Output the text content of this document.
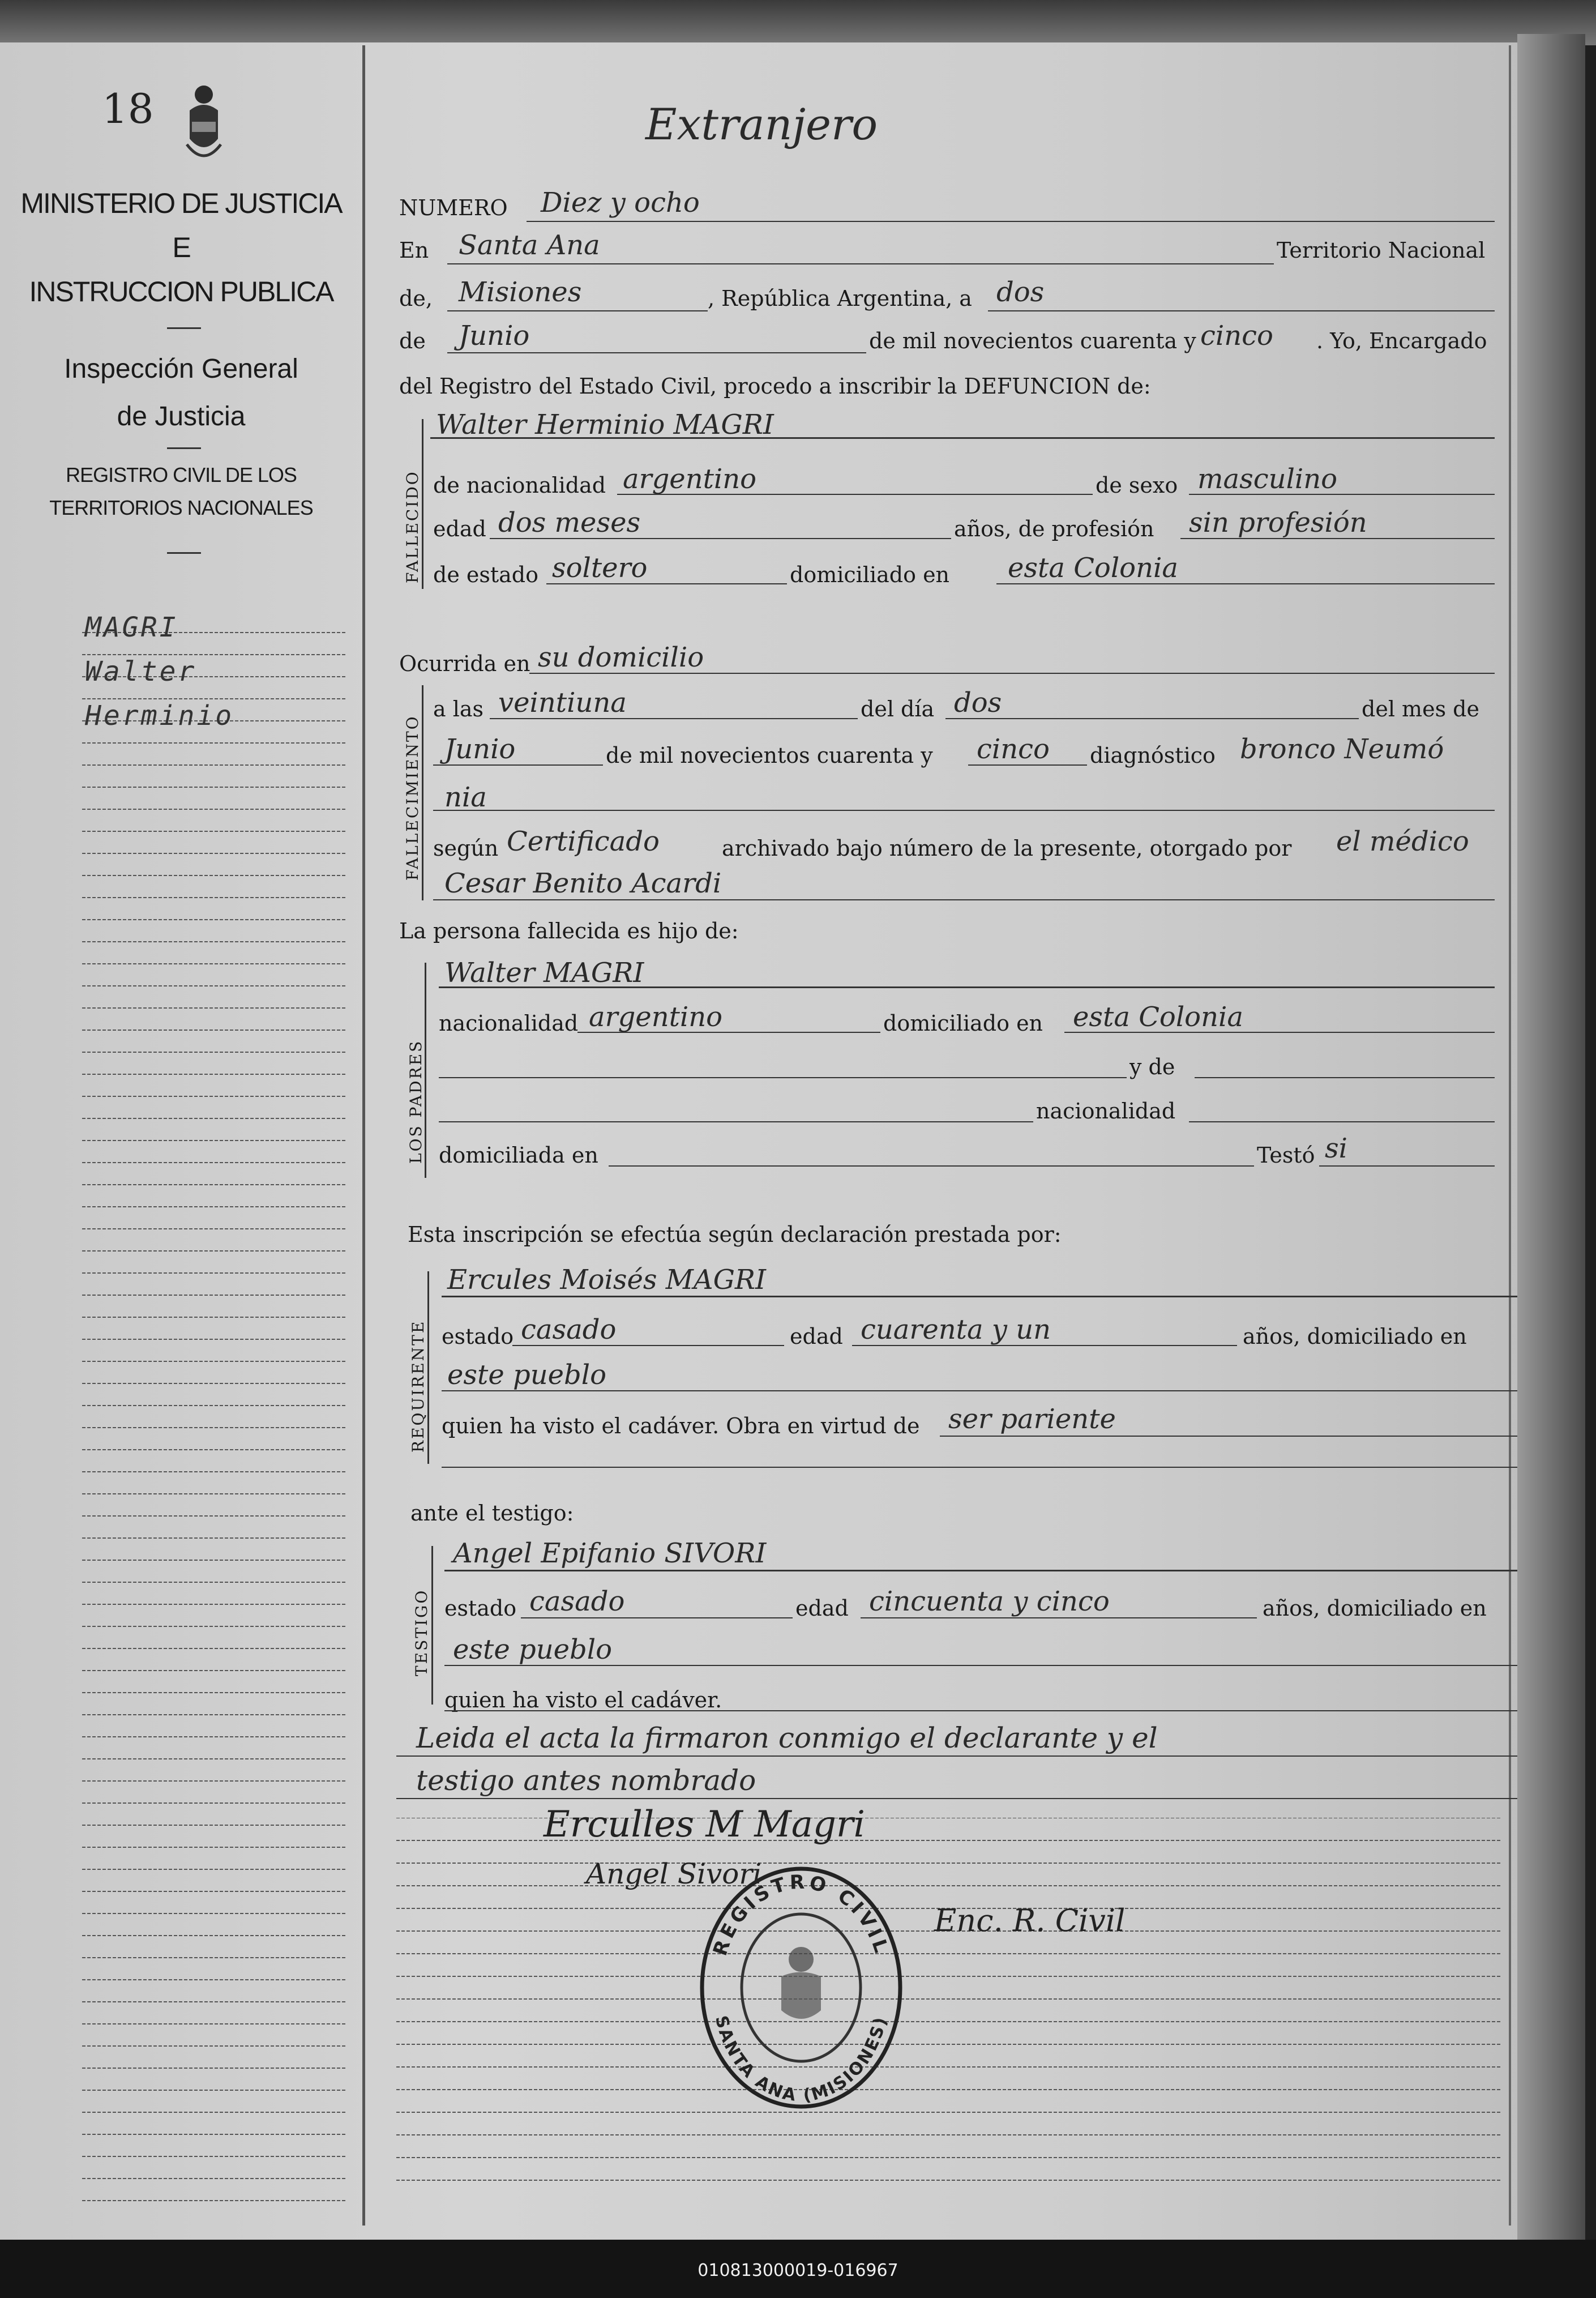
18
MINISTERIO DE JUSTICIA
E
INSTRUCCION PUBLICA
Inspección General
de Justicia
REGISTRO CIVIL DE LOS
TERRITORIOS NACIONALES
MAGRI
Walter
Herminio
Extranjero
NUMERO Diez y ocho
En Santa Ana	Territorio Nacional
de, Misiones	, República Argentina, a dos
de Junio	de mil novecientos cuarenta y cinco . Yo, Encargado
del Registro del Estado Civil, procedo a inscribir la DEFUNCION de:
FALLECIDO
Walter Herminio MAGRI
de nacionalidad argentino	de sexo masculino
edad dos meses	años, de profesión sin profesión
de estado soltero	domiciliado en esta Colonia
Ocurrida en su domicilio
FALLECIMIENTO
a las veintiuna	del día dos	del mes de
Junio	de mil novecientos cuarenta y cinco diagnóstico bronco Neumó
nia
según Certificado	archivado bajo número de la presente, otorgado por el médico
Cesar Benito Acardi
La persona fallecida es hijo de:
LOS PADRES
Walter MAGRI
nacionalidad argentino	domiciliado en esta Colonia
y de
nacionalidad
domiciliada en	Testó si
Esta inscripción se efectúa según declaración prestada por:
REQUIRENTE
Ercules Moisés MAGRI
estado casado	edad cuarenta y un	años, domiciliado en
este pueblo
quien ha visto el cadáver. Obra en virtud de ser pariente
ante el testigo:
TESTIGO
Angel Epifanio SIVORI
estado casado	edad cincuenta y cinco	años, domiciliado en
este pueblo
quien ha visto el cadáver.
Leida el acta la firmaron conmigo el declarante y el
testigo antes nombrado
Erculles M Magri
Angel Sivori
Enc. R. Civil
REGISTRO CIVIL
SANTA ANA (MISIONES)
010813000019-016967
